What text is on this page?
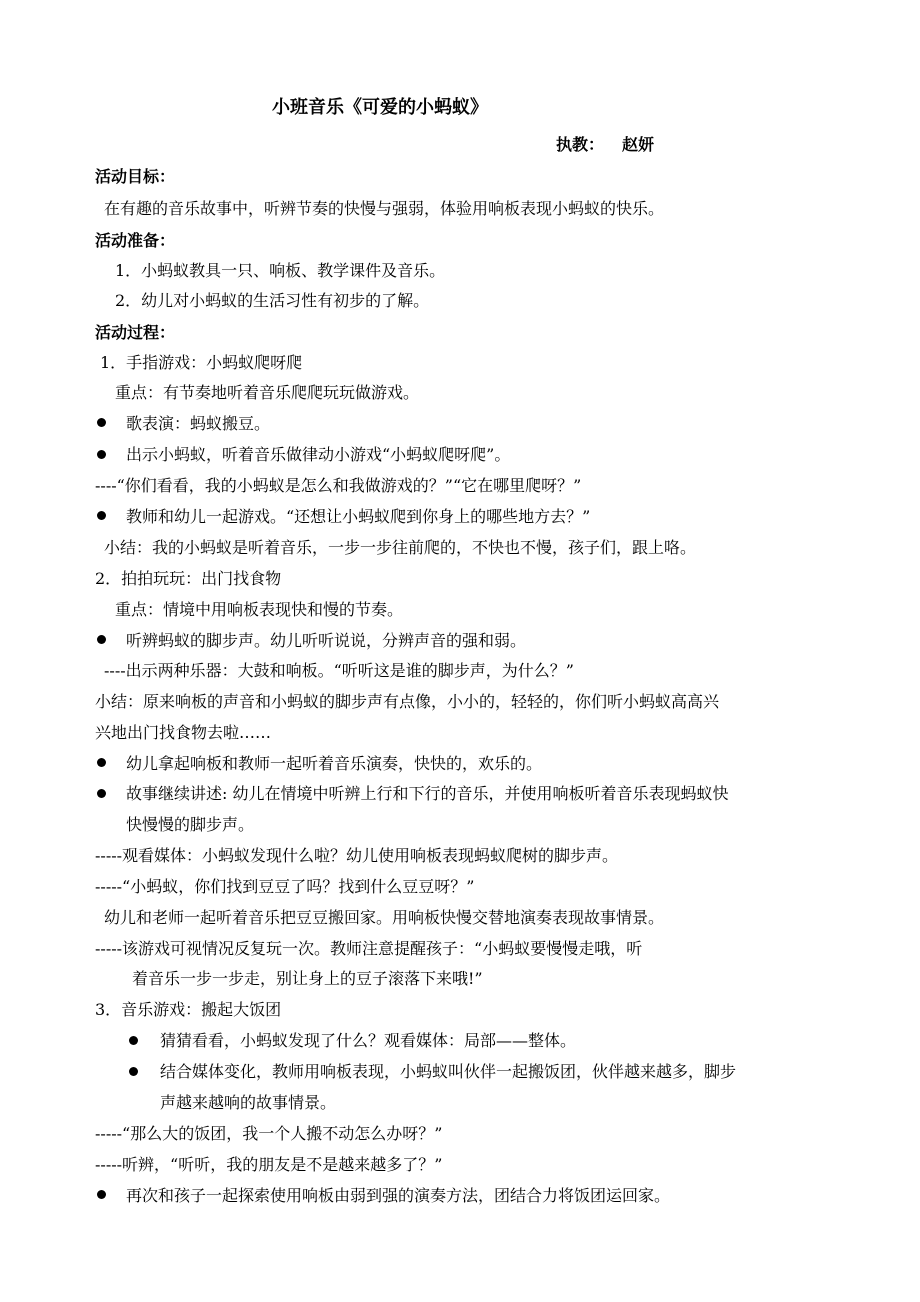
小班音乐《可爱的小蚂蚁》
执教： 赵妍
活动目标：
在有趣的音乐故事中，听辨节奏的快慢与强弱，体验用响板表现小蚂蚁的快乐。
活动准备：
1．小蚂蚁教具一只、响板、教学课件及音乐。
2．幼儿对小蚂蚁的生活习性有初步的了解。
活动过程：
1．手指游戏：小蚂蚁爬呀爬
重点：有节奏地听着音乐爬爬玩玩做游戏。
歌表演：蚂蚁搬豆。
出示小蚂蚁，听着音乐做律动小游戏“小蚂蚁爬呀爬”。
----“你们看看，我的小蚂蚁是怎么和我做游戏的？”“它在哪里爬呀？”
教师和幼儿一起游戏。“还想让小蚂蚁爬到你身上的哪些地方去？”
小结：我的小蚂蚁是听着音乐，一步一步往前爬的，不快也不慢，孩子们，跟上咯。
2．拍拍玩玩：出门找食物
重点：情境中用响板表现快和慢的节奏。
听辨蚂蚁的脚步声。幼儿听听说说，分辨声音的强和弱。
----出示两种乐器：大鼓和响板。“听听这是谁的脚步声，为什么？”
小结：原来响板的声音和小蚂蚁的脚步声有点像，小小的，轻轻的，你们听小蚂蚁高高兴
兴地出门找食物去啦……
幼儿拿起响板和教师一起听着音乐演奏，快快的，欢乐的。
故事继续讲述: 幼儿在情境中听辨上行和下行的音乐，并使用响板听着音乐表现蚂蚁快
快慢慢的脚步声。
-----观看媒体：小蚂蚁发现什么啦？幼儿使用响板表现蚂蚁爬树的脚步声。
-----“小蚂蚁，你们找到豆豆了吗？找到什么豆豆呀？”
幼儿和老师一起听着音乐把豆豆搬回家。用响板快慢交替地演奏表现故事情景。
-----该游戏可视情况反复玩一次。教师注意提醒孩子：“小蚂蚁要慢慢走哦，听
着音乐一步一步走，别让身上的豆子滚落下来哦!”
3．音乐游戏：搬起大饭团
猜猜看看，小蚂蚁发现了什么？观看媒体：局部——整体。
结合媒体变化，教师用响板表现，小蚂蚁叫伙伴一起搬饭团，伙伴越来越多，脚步
声越来越响的故事情景。
-----“那么大的饭团，我一个人搬不动怎么办呀？”
-----听辨，“听听，我的朋友是不是越来越多了？”
再次和孩子一起探索使用响板由弱到强的演奏方法，团结合力将饭团运回家。
